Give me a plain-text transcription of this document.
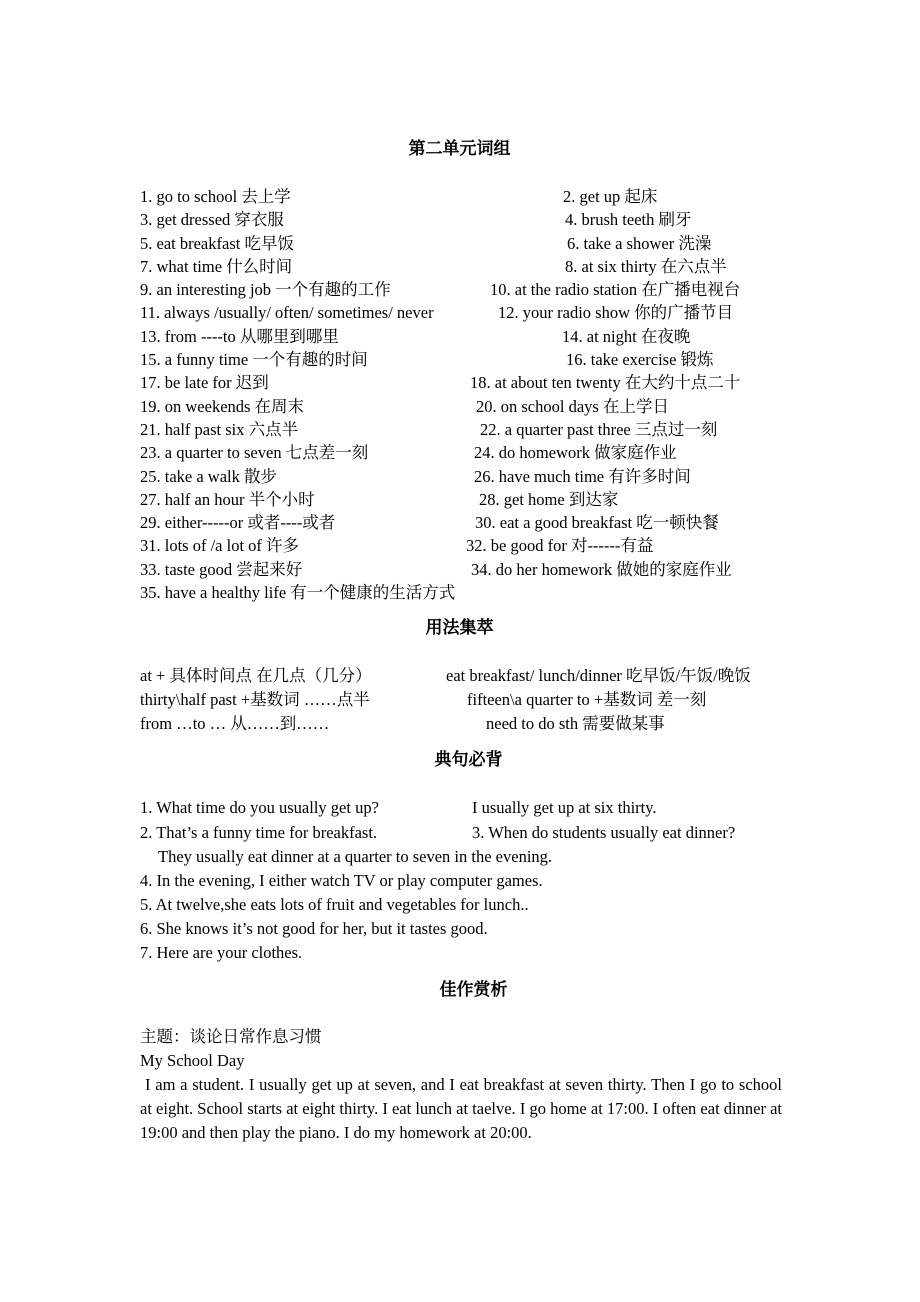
第二单元词组
1. go to school 去上学	2. get up 起床
3. get dressed 穿衣服	4. brush teeth 刷牙
5. eat breakfast 吃早饭	6. take a shower 洗澡
7. what time 什么时间	8. at six thirty 在六点半
9. an interesting job 一个有趣的工作	10. at the radio station 在广播电视台
11. always /usually/ often/ sometimes/ never	12. your radio show 你的广播节目
13. from ----to 从哪里到哪里	14. at night 在夜晚
15. a funny time 一个有趣的时间	16. take exercise 锻炼
17. be late for 迟到	18. at about ten twenty 在大约十点二十
19. on weekends 在周末	20. on school days 在上学日
21. half past six 六点半	22. a quarter past three 三点过一刻
23. a quarter to seven 七点差一刻	24. do homework 做家庭作业
25. take a walk 散步	26. have much time 有许多时间
27. half an hour 半个小时	28. get home 到达家
29. either-----or 或者----或者	30. eat a good breakfast 吃一顿快餐
31. lots of /a lot of 许多	32. be good for 对------有益
33. taste good 尝起来好	34. do her homework 做她的家庭作业
35. have a healthy life 有一个健康的生活方式
用法集萃
at + 具体时间点 在几点（几分）	eat breakfast/ lunch/dinner 吃早饭/午饭/晚饭
thirty\half past +基数词 ……点半	fifteen\a quarter to +基数词 差一刻
from …to … 从……到……	need to do sth 需要做某事
典句必背
1. What time do you usually get up?	I usually get up at six thirty.
2. That’s a funny time for breakfast.	3. When do students usually eat dinner?
They usually eat dinner at a quarter to seven in the evening.
4. In the evening, I either watch TV or play computer games.
5. At twelve,she eats lots of fruit and vegetables for lunch..
6. She knows it’s not good for her, but it tastes good.
7. Here are your clothes.
佳作赏析
主题：谈论日常作息习惯
My School Day

I am a student. I usually get up at seven, and I eat breakfast at seven thirty. Then I go to school at eight. School starts at eight thirty. I eat lunch at taelve. I go home at 17:00. I often eat dinner at 19:00 and then play the piano. I do my homework at 20:00.
